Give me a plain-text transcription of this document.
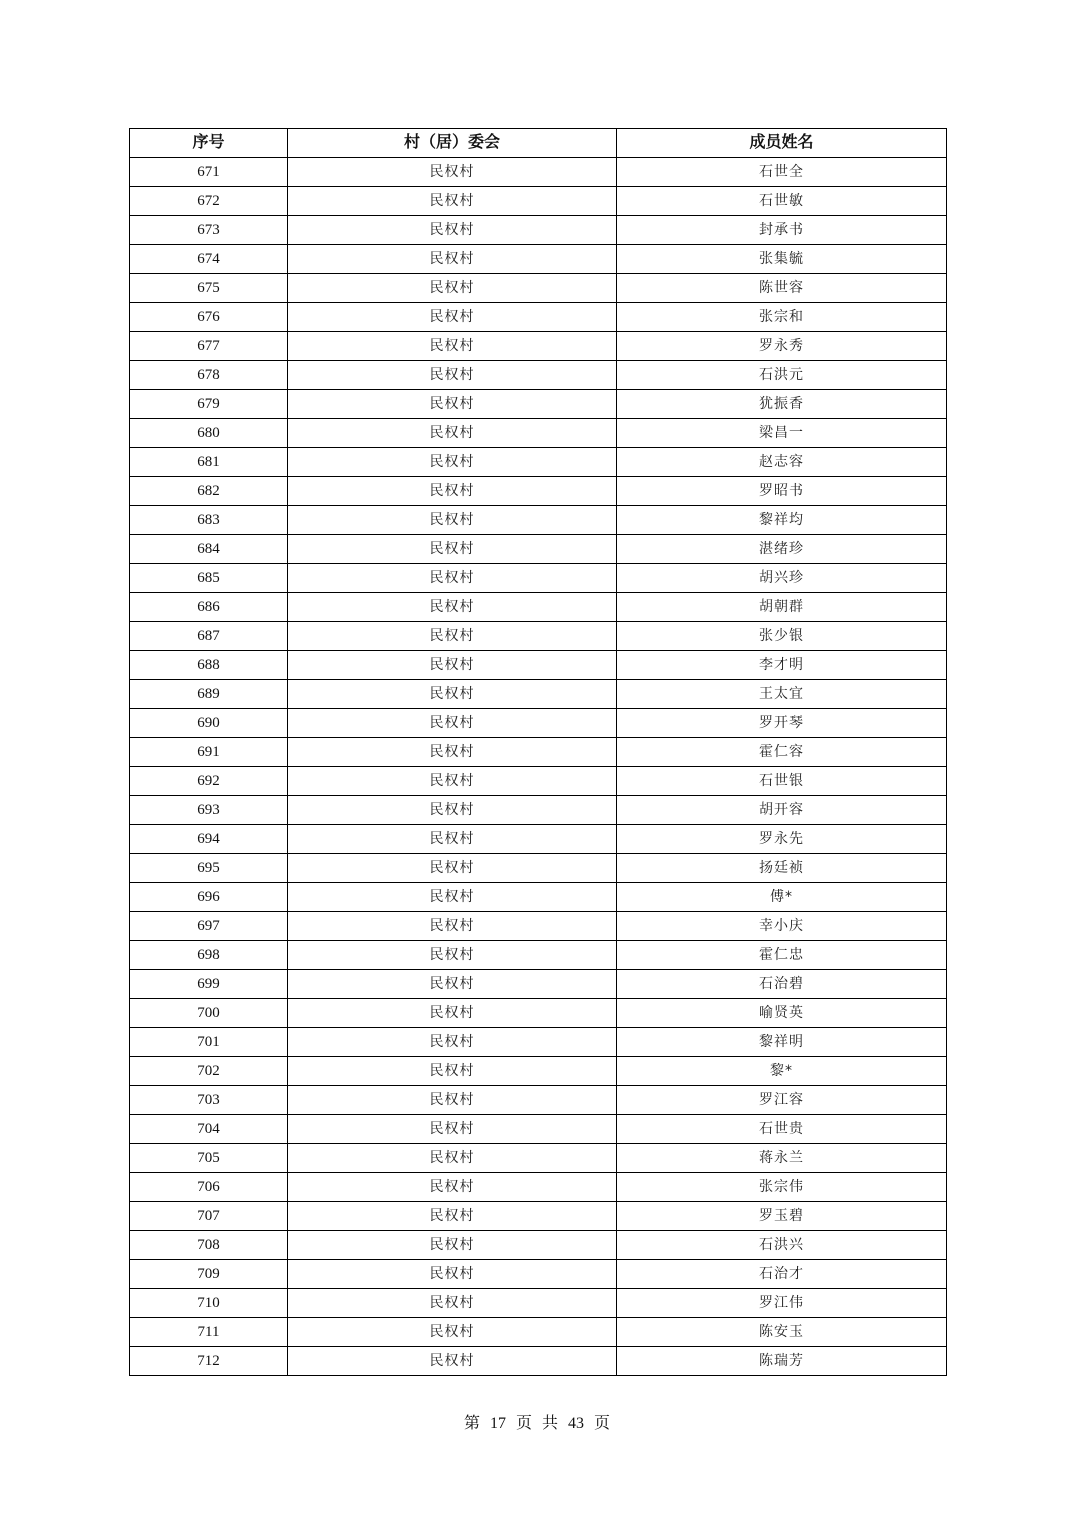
序号	村（居）委会	成员姓名
671	民权村	石世全
672	民权村	石世敏
673	民权村	封承书
674	民权村	张集毓
675	民权村	陈世容
676	民权村	张宗和
677	民权村	罗永秀
678	民权村	石洪元
679	民权村	犹振香
680	民权村	梁昌一
681	民权村	赵志容
682	民权村	罗昭书
683	民权村	黎祥均
684	民权村	湛绪珍
685	民权村	胡兴珍
686	民权村	胡朝群
687	民权村	张少银
688	民权村	李才明
689	民权村	王太宜
690	民权村	罗开琴
691	民权村	霍仁容
692	民权村	石世银
693	民权村	胡开容
694	民权村	罗永先
695	民权村	扬廷祯
696	民权村	傅*
697	民权村	幸小庆
698	民权村	霍仁忠
699	民权村	石治碧
700	民权村	喻贤英
701	民权村	黎祥明
702	民权村	黎*
703	民权村	罗江容
704	民权村	石世贵
705	民权村	蒋永兰
706	民权村	张宗伟
707	民权村	罗玉碧
708	民权村	石洪兴
709	民权村	石治才
710	民权村	罗江伟
711	民权村	陈安玉
712	民权村	陈瑞芳
第 17 页 共 43 页
